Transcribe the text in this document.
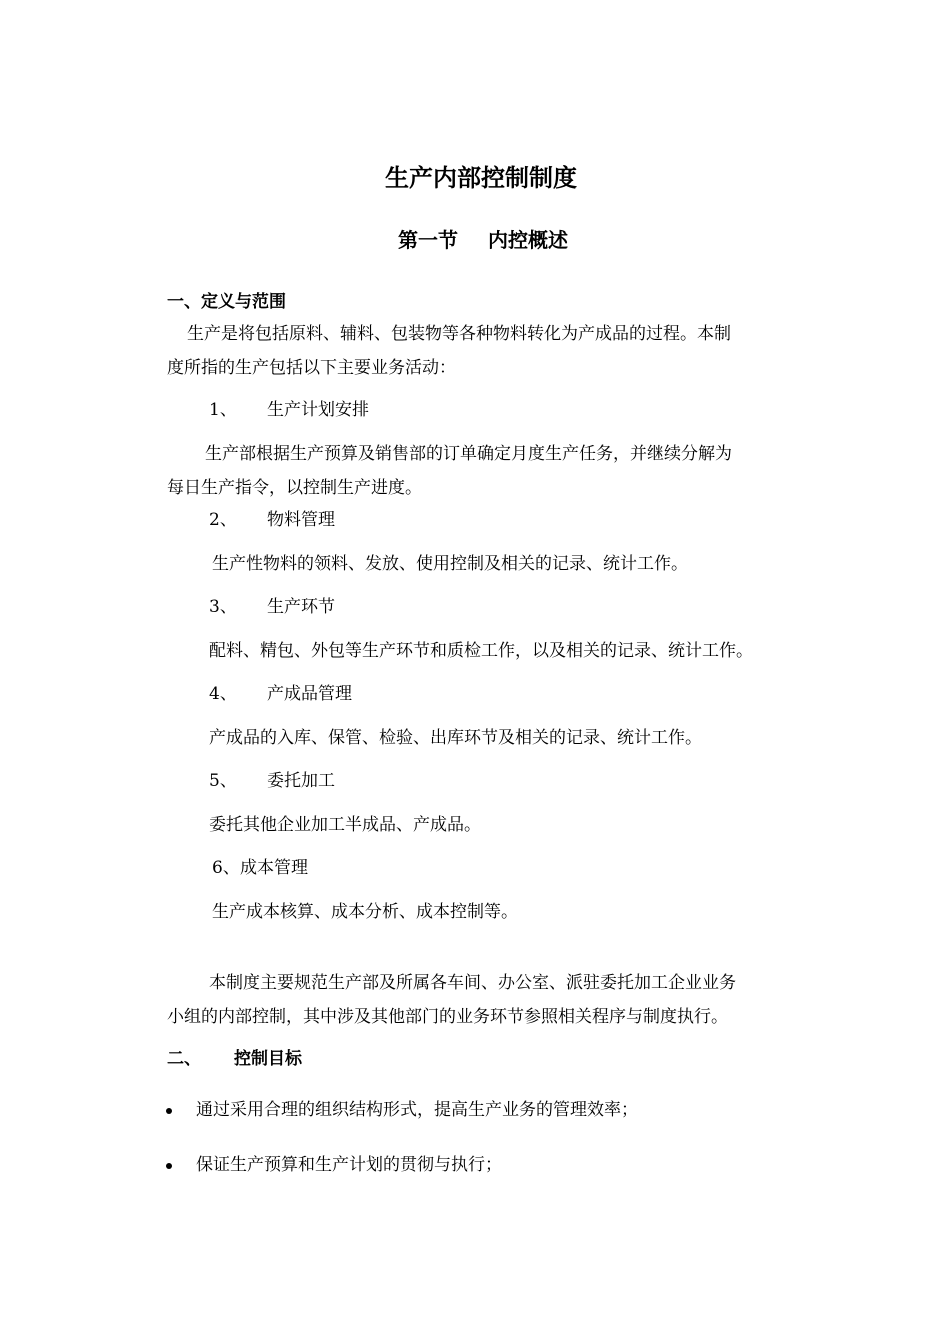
生产内部控制制度
第一节 内控概述
一、定义与范围
生产是将包括原料、辅料、包装物等各种物料转化为产成品的过程。本制
度所指的生产包括以下主要业务活动：
1、 生产计划安排
生产部根据生产预算及销售部的订单确定月度生产任务，并继续分解为
每日生产指令，以控制生产进度。
2、 物料管理
生产性物料的领料、发放、使用控制及相关的记录、统计工作。
3、 生产环节
配料、精包、外包等生产环节和质检工作，以及相关的记录、统计工作。
4、 产成品管理
产成品的入库、保管、检验、出库环节及相关的记录、统计工作。
5、 委托加工
委托其他企业加工半成品、产成品。
6、 成本管理
生产成本核算、成本分析、成本控制等。
本制度主要规范生产部及所属各车间、办公室、派驻委托加工企业业务
小组的内部控制，其中涉及其他部门的业务环节参照相关程序与制度执行。
二、 控制目标
通过采用合理的组织结构形式，提高生产业务的管理效率；
保证生产预算和生产计划的贯彻与执行；
